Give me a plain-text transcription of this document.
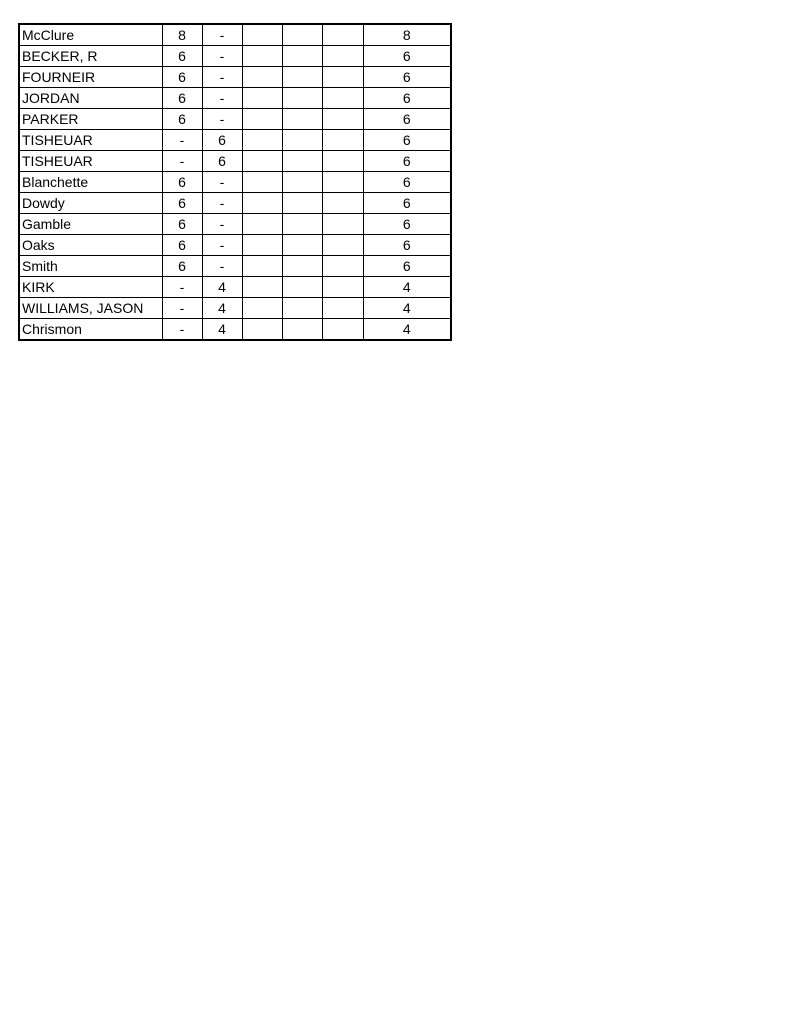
McClure	8	-				8
BECKER, R	6	-				6
FOURNEIR	6	-				6
JORDAN	6	-				6
PARKER	6	-				6
TISHEUAR	-	6				6
TISHEUAR	-	6				6
Blanchette	6	-				6
Dowdy	6	-				6
Gamble	6	-				6
Oaks	6	-				6
Smith	6	-				6
KIRK	-	4				4
WILLIAMS, JASON	-	4				4
Chrismon	-	4				4
